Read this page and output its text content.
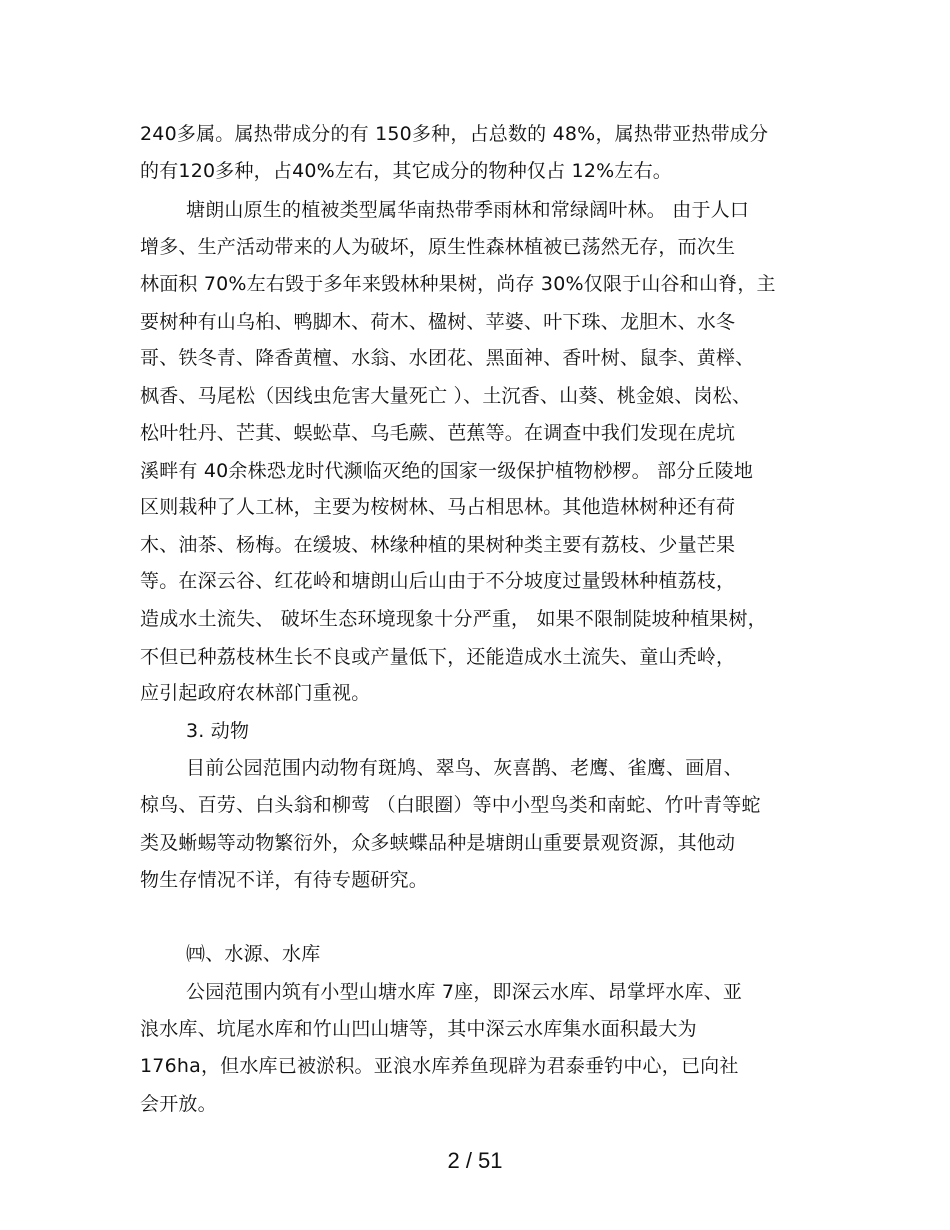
240多属。属热带成分的有 150多种，占总数的 48%，属热带亚热带成分
的有120多种，占40%左右，其它成分的物种仅占 12%左右。
塘朗山原生的植被类型属华南热带季雨林和常绿阔叶林。 由于人口
增多、生产活动带来的人为破坏，原生性森林植被已荡然无存，而次生
林面积 70%左右毁于多年来毁林种果树，尚存 30%仅限于山谷和山脊，主
要树种有山乌桕、鸭脚木、荷木、楹树、苹婆、叶下珠、龙胆木、水冬
哥、铁冬青、降香黄檀、水翁、水团花、黑面神、香叶树、鼠李、黄榉、
枫香、马尾松（因线虫危害大量死亡 ）、土沉香、山葵、桃金娘、岗松、
松叶牡丹、芒萁、蜈蚣草、乌毛蕨、芭蕉等。在调查中我们发现在虎坑
溪畔有 40余株恐龙时代濒临灭绝的国家一级保护植物桫椤。 部分丘陵地
区则栽种了人工林，主要为桉树林、马占相思林。其他造林树种还有荷
木、油茶、杨梅。在缓坡、林缘种植的果树种类主要有荔枝、少量芒果
等。在深云谷、红花岭和塘朗山后山由于不分坡度过量毁林种植荔枝，
造成水土流失、 破坏生态环境现象十分严重， 如果不限制陡坡种植果树，
不但已种荔枝林生长不良或产量低下，还能造成水土流失、童山秃岭，
应引起政府农林部门重视。
3. 动物
目前公园范围内动物有斑鸠、翠鸟、灰喜鹊、老鹰、雀鹰、画眉、
椋鸟、百劳、白头翁和柳莺 （白眼圈）等中小型鸟类和南蛇、竹叶青等蛇
类及蜥蜴等动物繁衍外，众多蛱蝶品种是塘朗山重要景观资源，其他动
物生存情况不详，有待专题研究。
㈣、水源、水库
公园范围内筑有小型山塘水库 7座，即深云水库、昂掌坪水库、亚
浪水库、坑尾水库和竹山凹山塘等，其中深云水库集水面积最大为
176ha，但水库已被淤积。亚浪水库养鱼现辟为君泰垂钓中心，已向社
会开放。
2 / 51
